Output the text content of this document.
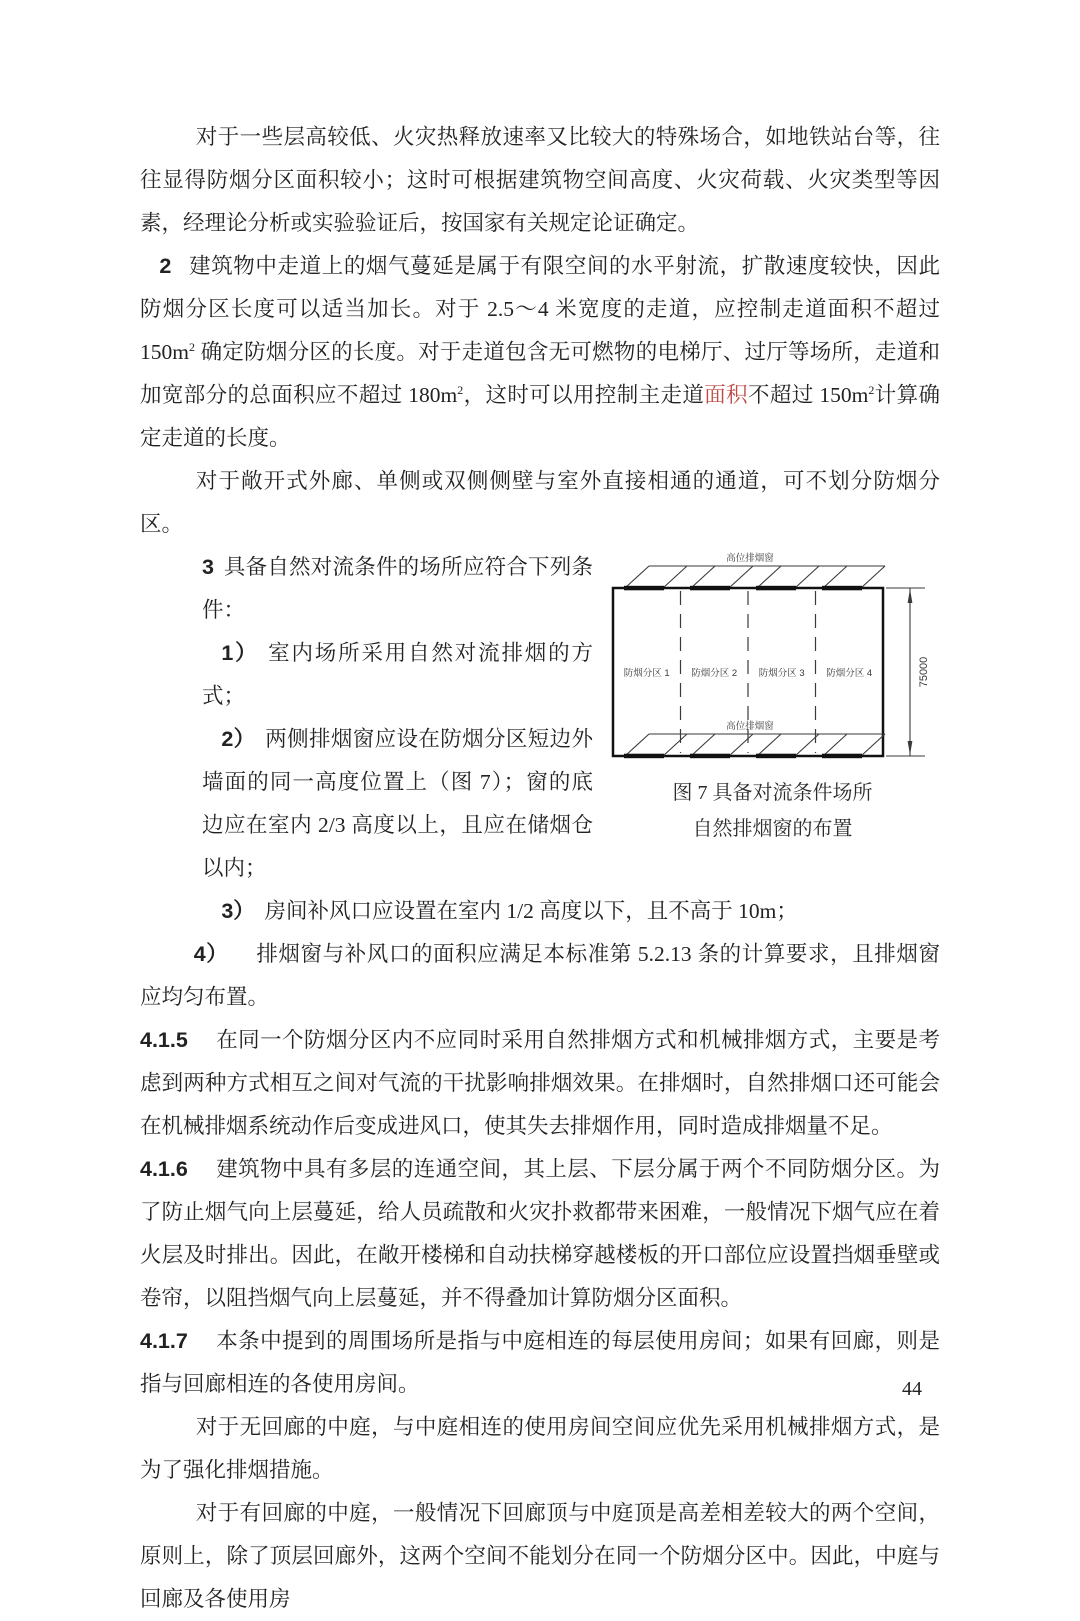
对于一些层高较低、火灾热释放速率又比较大的特殊场合，如地铁站台等，往往显得防烟分区面积较小；这时可根据建筑物空间高度、火灾荷载、火灾类型等因素，经理论分析或实验验证后，按国家有关规定论证确定。

2 建筑物中走道上的烟气蔓延是属于有限空间的水平射流，扩散速度较快，因此防烟分区长度可以适当加长。对于 2.5～4 米宽度的走道，应控制走道面积不超过 $150m^2$ 确定防烟分区的长度。对于走道包含无可燃物的电梯厅、过厅等场所，走道和加宽部分的总面积应不超过 $180m^2$，这时可以用控制主走道面积不超过 $150m^2$计算确定走道的长度。

对于敞开式外廊、单侧或双侧侧壁与室外直接相通的通道，可不划分防烟分区。

高位排烟窗
防烟分区 1 防烟分区 2 防烟分区 3 防烟分区 4
高位排烟窗
75000
图 7 具备对流条件场所
自然排烟窗的布置

3 具备自然对流条件的场所应符合下列条件：

1） 室内场所采用自然对流排烟的方式；

2） 两侧排烟窗应设在防烟分区短边外墙面的同一高度位置上（图 7）；窗的底边应在室内 2/3 高度以上，且应在储烟仓以内；

3） 房间补风口应设置在室内 1/2 高度以下，且不高于 10m；

4） 排烟窗与补风口的面积应满足本标准第 5.2.13 条的计算要求，且排烟窗应均匀布置。

4.1.5 在同一个防烟分区内不应同时采用自然排烟方式和机械排烟方式，主要是考虑到两种方式相互之间对气流的干扰影响排烟效果。在排烟时，自然排烟口还可能会在机械排烟系统动作后变成进风口，使其失去排烟作用，同时造成排烟量不足。

4.1.6 建筑物中具有多层的连通空间，其上层、下层分属于两个不同防烟分区。为了防止烟气向上层蔓延，给人员疏散和火灾扑救都带来困难，一般情况下烟气应在着火层及时排出。因此，在敞开楼梯和自动扶梯穿越楼板的开口部位应设置挡烟垂壁或卷帘，以阻挡烟气向上层蔓延，并不得叠加计算防烟分区面积。

4.1.7 本条中提到的周围场所是指与中庭相连的每层使用房间；如果有回廊，则是指与回廊相连的各使用房间。

对于无回廊的中庭，与中庭相连的使用房间空间应优先采用机械排烟方式，是为了强化排烟措施。

对于有回廊的中庭，一般情况下回廊顶与中庭顶是高差相差较大的两个空间，原则上，除了顶层回廊外，这两个空间不能划分在同一个防烟分区中。因此，中庭与回廊及各使用房

44
